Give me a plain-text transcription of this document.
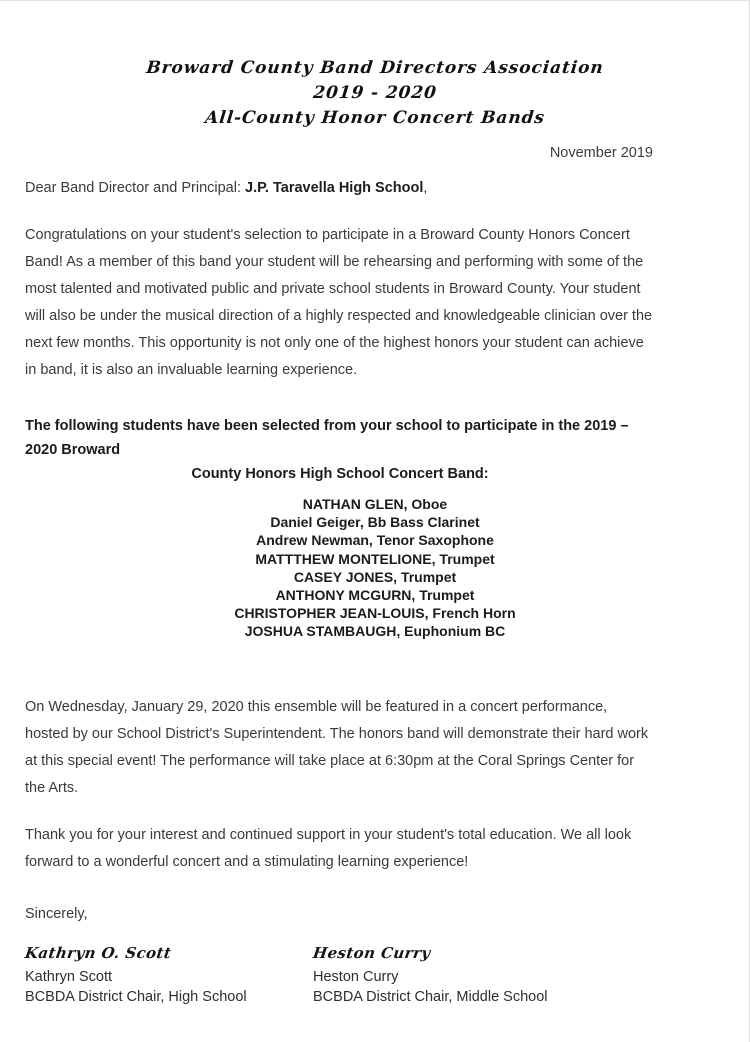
Broward County Band Directors Association
2019 - 2020
All-County Honor Concert Bands
November 2019
Dear Band Director and Principal: J.P. Taravella High School,
Congratulations on your student's selection to participate in a Broward County Honors Concert Band! As a member of this band your student will be rehearsing and performing with some of the most talented and motivated public and private school students in Broward County. Your student will also be under the musical direction of a highly respected and knowledgeable clinician over the next few months. This opportunity is not only one of the highest honors your student can achieve in band, it is also an invaluable learning experience.
The following students have been selected from your school to participate in the 2019 – 2020 Broward
County Honors High School Concert Band:
NATHAN GLEN, Oboe
Daniel Geiger, Bb Bass Clarinet
Andrew Newman, Tenor Saxophone
MATTTHEW MONTELIONE, Trumpet
CASEY JONES, Trumpet
ANTHONY MCGURN, Trumpet
CHRISTOPHER JEAN-LOUIS, French Horn
JOSHUA STAMBAUGH, Euphonium BC
On Wednesday, January 29, 2020 this ensemble will be featured in a concert performance, hosted by our School District's Superintendent. The honors band will demonstrate their hard work at this special event! The performance will take place at 6:30pm at the Coral Springs Center for the Arts.
Thank you for your interest and continued support in your student's total education. We all look forward to a wonderful concert and a stimulating learning experience!
Sincerely,
Kathryn O. Scott
Kathryn Scott
BCBDA District Chair, High School
Heston Curry
Heston Curry
BCBDA District Chair, Middle School
